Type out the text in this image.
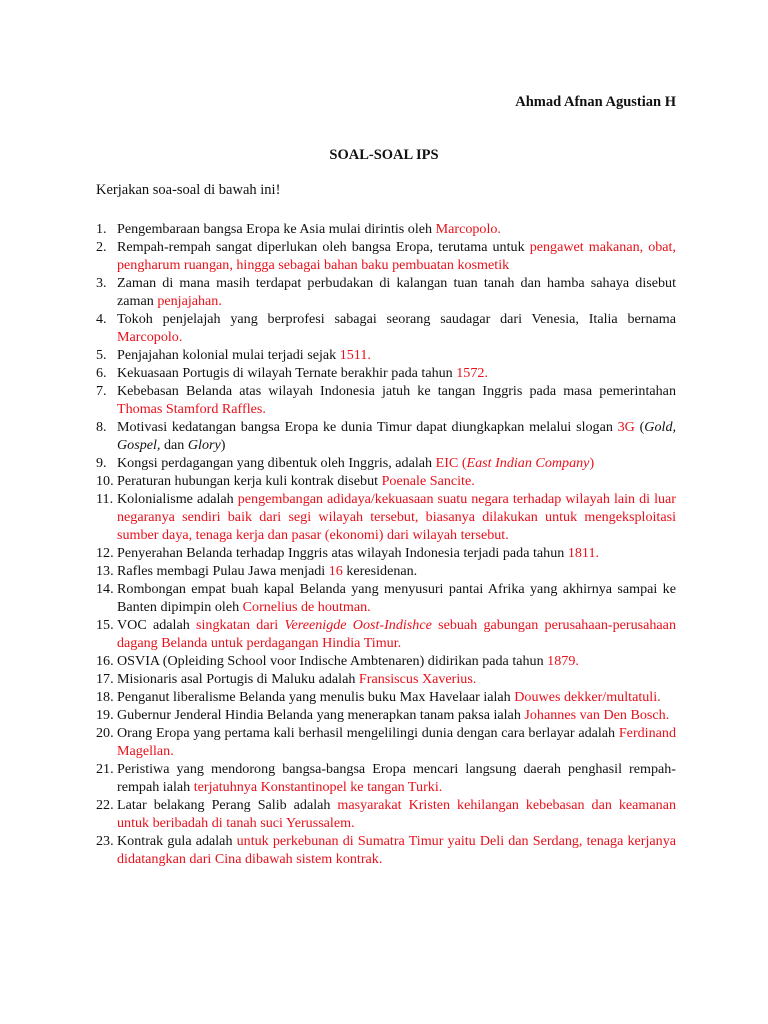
Ahmad Afnan Agustian H
SOAL-SOAL IPS
Kerjakan soa-soal di bawah ini!
1. Pengembaraan bangsa Eropa ke Asia mulai dirintis oleh Marcopolo.
2. Rempah-rempah sangat diperlukan oleh bangsa Eropa, terutama untuk pengawet makanan, obat, pengharum ruangan, hingga sebagai bahan baku pembuatan kosmetik
3. Zaman di mana masih terdapat perbudakan di kalangan tuan tanah dan hamba sahaya disebut zaman penjajahan.
4. Tokoh penjelajah yang berprofesi sabagai seorang saudagar dari Venesia, Italia bernama Marcopolo.
5. Penjajahan kolonial mulai terjadi sejak 1511.
6. Kekuasaan Portugis di wilayah Ternate berakhir pada tahun 1572.
7. Kebebasan Belanda atas wilayah Indonesia jatuh ke tangan Inggris pada masa pemerintahan Thomas Stamford Raffles.
8. Motivasi kedatangan bangsa Eropa ke dunia Timur dapat diungkapkan melalui slogan 3G (Gold, Gospel, dan Glory)
9. Kongsi perdagangan yang dibentuk oleh Inggris, adalah EIC (East Indian Company)
10. Peraturan hubungan kerja kuli kontrak disebut Poenale Sancite.
11. Kolonialisme adalah pengembangan adidaya/kekuasaan suatu negara terhadap wilayah lain di luar negaranya sendiri baik dari segi wilayah tersebut, biasanya dilakukan untuk mengeksploitasi sumber daya, tenaga kerja dan pasar (ekonomi) dari wilayah tersebut.
12. Penyerahan Belanda terhadap Inggris atas wilayah Indonesia terjadi pada tahun 1811.
13. Rafles membagi Pulau Jawa menjadi 16 keresidenan.
14. Rombongan empat buah kapal Belanda yang menyusuri pantai Afrika yang akhirnya sampai ke Banten dipimpin oleh Cornelius de houtman.
15. VOC adalah singkatan dari Vereenigde Oost-Indishce sebuah gabungan perusahaan-perusahaan dagang Belanda untuk perdagangan Hindia Timur.
16. OSVIA (Opleiding School voor Indische Ambtenaren) didirikan pada tahun 1879.
17. Misionaris asal Portugis di Maluku adalah Fransiscus Xaverius.
18. Penganut liberalisme Belanda yang menulis buku Max Havelaar ialah Douwes dekker/multatuli.
19. Gubernur Jenderal Hindia Belanda yang menerapkan tanam paksa ialah Johannes van Den Bosch.
20. Orang Eropa yang pertama kali berhasil mengelilingi dunia dengan cara berlayar adalah Ferdinand Magellan.
21. Peristiwa yang mendorong bangsa-bangsa Eropa mencari langsung daerah penghasil rempah-rempah ialah terjatuhnya Konstantinopel ke tangan Turki.
22. Latar belakang Perang Salib adalah masyarakat Kristen kehilangan kebebasan dan keamanan untuk beribadah di tanah suci Yerussalem.
23. Kontrak gula adalah untuk perkebunan di Sumatra Timur yaitu Deli dan Serdang, tenaga kerjanya didatangkan dari Cina dibawah sistem kontrak.
